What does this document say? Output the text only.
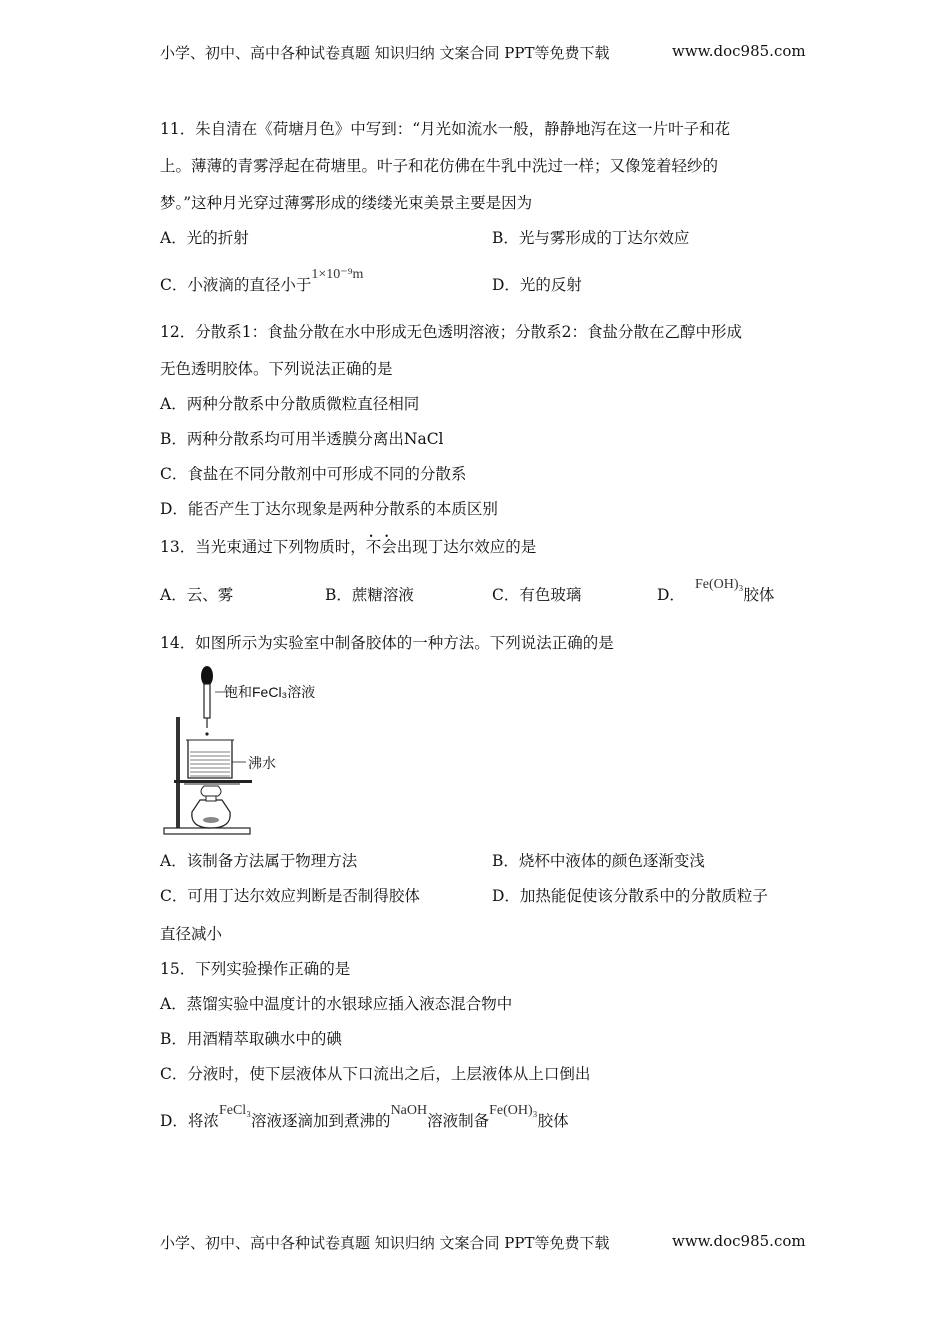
小学、初中、高中各种试卷真题 知识归纳 文案合同 PPT等免费下载	www.doc985.com
11．朱自清在《荷塘月色》中写到：“月光如流水一般，静静地泻在这一片叶子和花
上。薄薄的青雾浮起在荷塘里。叶子和花仿佛在牛乳中洗过一样；又像笼着轻纱的
梦。”这种月光穿过薄雾形成的缕缕光束美景主要是因为
A．光的折射	B．光与雾形成的丁达尔效应
C．小液滴的直径小于1×10⁻⁹m
D．光的反射
12．分散系1：食盐分散在水中形成无色透明溶液；分散系2：食盐分散在乙醇中形成
无色透明胶体。下列说法正确的是
A．两种分散系中分散质微粒直径相同
B．两种分散系均可用半透膜分离出NaCl
C．食盐在不同分散剂中可形成不同的分散系
D．能否产生丁达尔现象是两种分散系的本质区别
13．当光束通过下列物质时，不会出现丁达尔效应的是
A．云、雾	B．蔗糖溶液	C．有色玻璃	D．Fe(OH)₃胶体
14．如图所示为实验室中制备胶体的一种方法。下列说法正确的是
饱和FeCl₃溶液
沸水
A．该制备方法属于物理方法	B．烧杯中液体的颜色逐渐变浅
C．可用丁达尔效应判断是否制得胶体	D．加热能促使该分散系中的分散质粒子
直径减小
15．下列实验操作正确的是
A．蒸馏实验中温度计的水银球应插入液态混合物中
B．用酒精萃取碘水中的碘
C．分液时，使下层液体从下口流出之后，上层液体从上口倒出
D．将浓FeCl₃溶液逐滴加到煮沸的NaOH溶液制备Fe(OH)₃胶体
小学、初中、高中各种试卷真题 知识归纳 文案合同 PPT等免费下载	www.doc985.com
